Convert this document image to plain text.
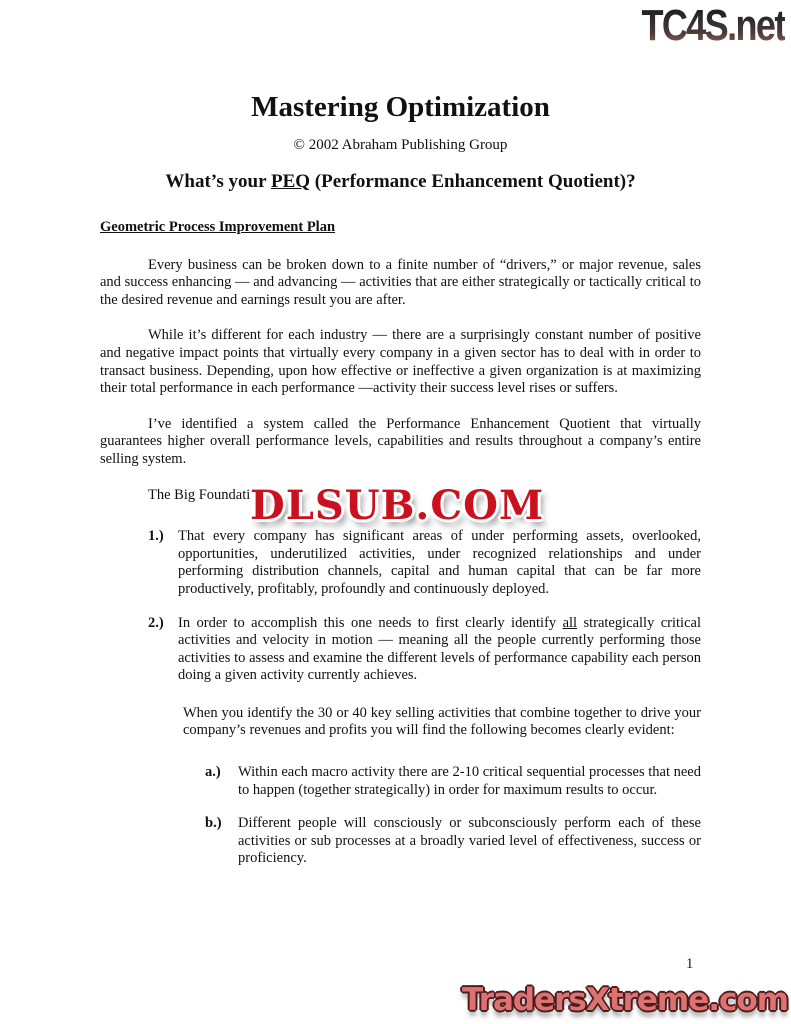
TC4S.net
Mastering Optimization
© 2002 Abraham Publishing Group
What’s your PEQ (Performance Enhancement Quotient)?
Geometric Process Improvement Plan

Every business can be broken down to a finite number of “drivers,” or major revenue, sales and success enhancing — and advancing — activities that are either strategically or tactically critical to the desired revenue and earnings result you are after.

While it’s different for each industry — there are a surprisingly constant number of positive and negative impact points that virtually every company in a given sector has to deal with in order to transact business. Depending, upon how effective or ineffective a given organization is at maximizing their total performance in each performance —activity their success level rises or suffers.

I’ve identified a system called the Performance Enhancement Quotient that virtually guarantees higher overall performance levels, capabilities and results throughout a company’s entire selling system.

The Big Foundati
1.) That every company has significant areas of under performing assets, overlooked, opportunities, underutilized activities, under recognized relationships and under performing distribution channels, capital and human capital that can be far more productively, profitably, profoundly and continuously deployed.
2.) In order to accomplish this one needs to first clearly identify all strategically critical activities and velocity in motion — meaning all the people currently performing those activities to assess and examine the different levels of performance capability each person doing a given activity currently achieves.

When you identify the 30 or 40 key selling activities that combine together to drive your company’s revenues and profits you will find the following becomes clearly evident:

a.)	Within each macro activity there are 2-10 critical sequential processes that need to happen (together strategically) in order for maximum results to occur.
b.)	Different people will consciously or subconsciously perform each of these activities or sub processes at a broadly varied level of effectiveness, success or proficiency.
DLSUB.COM
1
TradersXtreme.com
